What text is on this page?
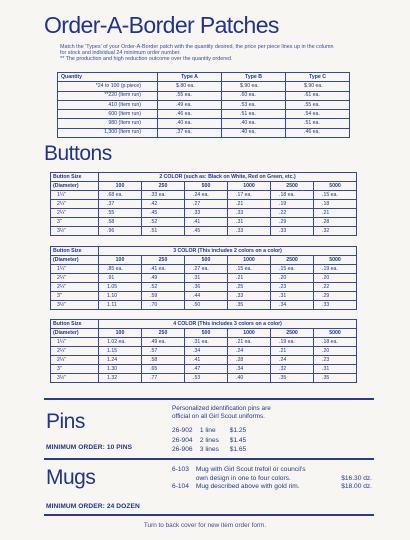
Order-A-Border Patches

Match the 'Types' of your Order-A-Border patch with the quantity desired, the price per piece lines up in the column
for stock and individual 24 minimum order number.
** The production and high reduction outcome over the quantity ordered.

Quantity	Type A	Type B	Type C
*24 to 100 (p.piece)	$.80 ea.	$.90 ea.	$.90 ea.
**220 (Item run)	.55 ea.	.60 ea.	.61 ea.
410 (Item run)	.49 ea.	.53 ea.	.55 ea.
600 (Item run)	.46 ea.	.51 ea.	.54 ea.
980 (Item run)	.40 ea.	.40 ea.	.51 ea.
1,300 (Item run)	.37 ea.	.40 ea.	.46 ea.
Buttons
Button Size	2 COLOR (such as: Black on White, Red on Green, etc.)					
(Diameter)	100	250	500	1000	2500	5000
1¼"	.68 ea.	.33 ea.	.24 ea.	.17 ea.	.18 ea.	.15 ea.
2¼"	.37	.42	.27	.21	.19	.18
2¼"	.55	.45	.33	.33	.22	.21
3"	.58	.52	.41	.31	.29	.28
3½"	.96	.51	.45	.33	.33	.32
Button Size	3 COLOR (This includes 2 colors on a color)					
(Diameter)	100	250	500	1000	2500	5000
1¼"	.85 ea.	.41 ea.	.27 ea.	.15 ea.	.15 ea.	.19 ea.
2¼"	.91	.49	.31	.21	.20	.20
2¼"	1.05	.52	.36	.25	.23	.22
3"	1.10	.59	.44	.33	.31	.29
3½"	1.11	.70	.50	.35	.34	.33
Button Size	4 COLOR (This includes 3 colors on a color)					
(Diameter)	100	250	500	1000	2500	5000
1¼"	1.02 ea.	.49 ea.	.31 ea.	.21 ea.	.19 ea.	.18 ea.
2¼"	1.15	.57	.34	.24	.21	.20
2¼"	1.24	.58	.41	.28	.24	.23
3"	1.30	.65	.47	.34	.32	.31
3½"	1.32	.77	.53	.40	.35	.35
Pins
MINIMUM ORDER: 10 PINS

Personalized identification pins are
official on all Girl Scout uniforms.

26-902 1 line $1.25
26-904 2 lines $1.45
26-906 3 lines $1.65
Mugs
MINIMUM ORDER: 24 DOZEN
6-103 Mug with Girl Scout trefoil or council's
own design in one to four colors.	$16.30 dz.
6-104 Mug described above with gold rim.	$18.00 dz.
Turn to back cover for new item order form.
